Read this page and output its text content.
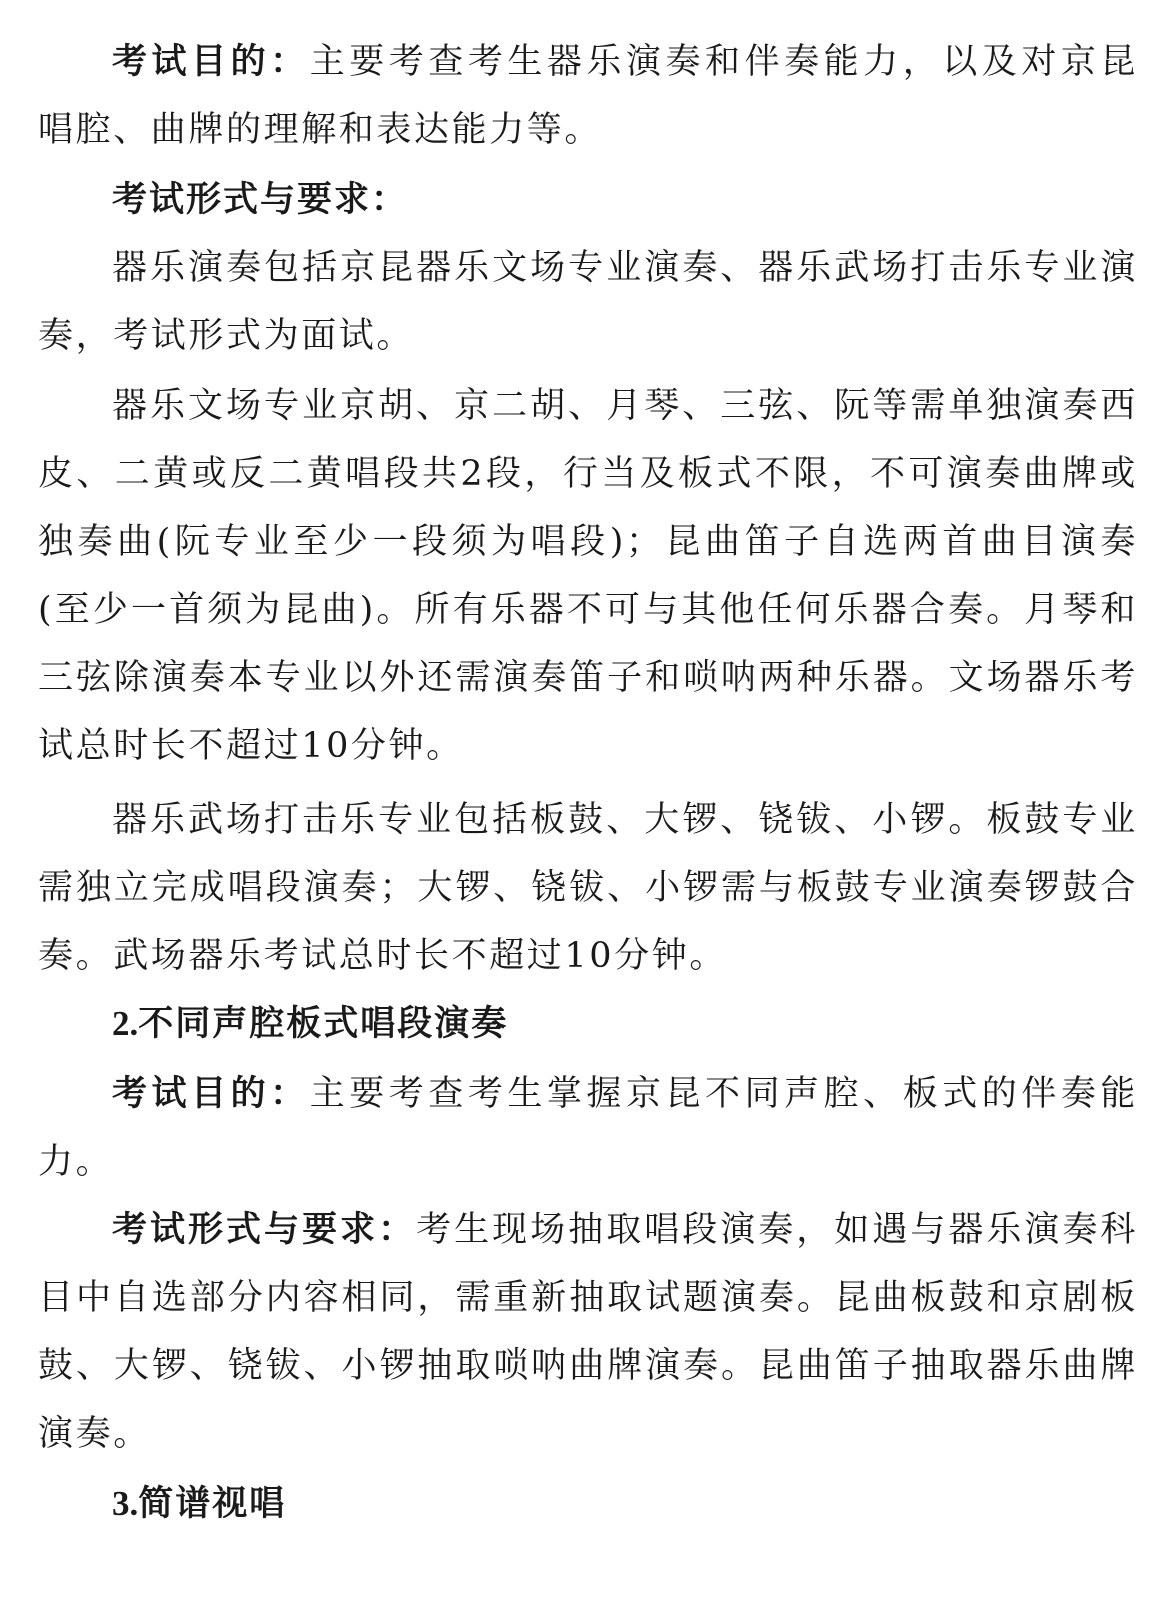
考试目的：主要考查考生器乐演奏和伴奏能力，以及对京昆 唱腔、曲牌的理解和表达能力等。

考试形式与要求：

器乐演奏包括京昆器乐文场专业演奏、器乐武场打击乐专业演奏，考试形式为面试。

器乐文场专业京胡、京二胡、月琴、三弦、阮等需单独演奏西皮、二黄或反二黄唱段共2段，行当及板式不限，不可演奏曲牌或独奏曲(阮专业至少一段须为唱段)；昆曲笛子自选两首曲目演奏(至少一首须为昆曲)。所有乐器不可与其他任何乐器合奏。月琴和三弦除演奏本专业以外还需演奏笛子和唢呐两种乐器。文场器乐考试总时长不超过10分钟。

器乐武场打击乐专业包括板鼓、大锣、铙钹、小锣。板鼓专业需独立完成唱段演奏；大锣、铙钹、小锣需与板鼓专业演奏锣鼓合奏。武场器乐考试总时长不超过10分钟。

2.不同声腔板式唱段演奏

考试目的：主要考查考生掌握京昆不同声腔、板式的伴奏能力。

考试形式与要求：考生现场抽取唱段演奏，如遇与器乐演奏科目中自选部分内容相同，需重新抽取试题演奏。昆曲板鼓和京剧板鼓、大锣、铙钹、小锣抽取唢呐曲牌演奏。昆曲笛子抽取器乐曲牌演奏。

3.简谱视唱
